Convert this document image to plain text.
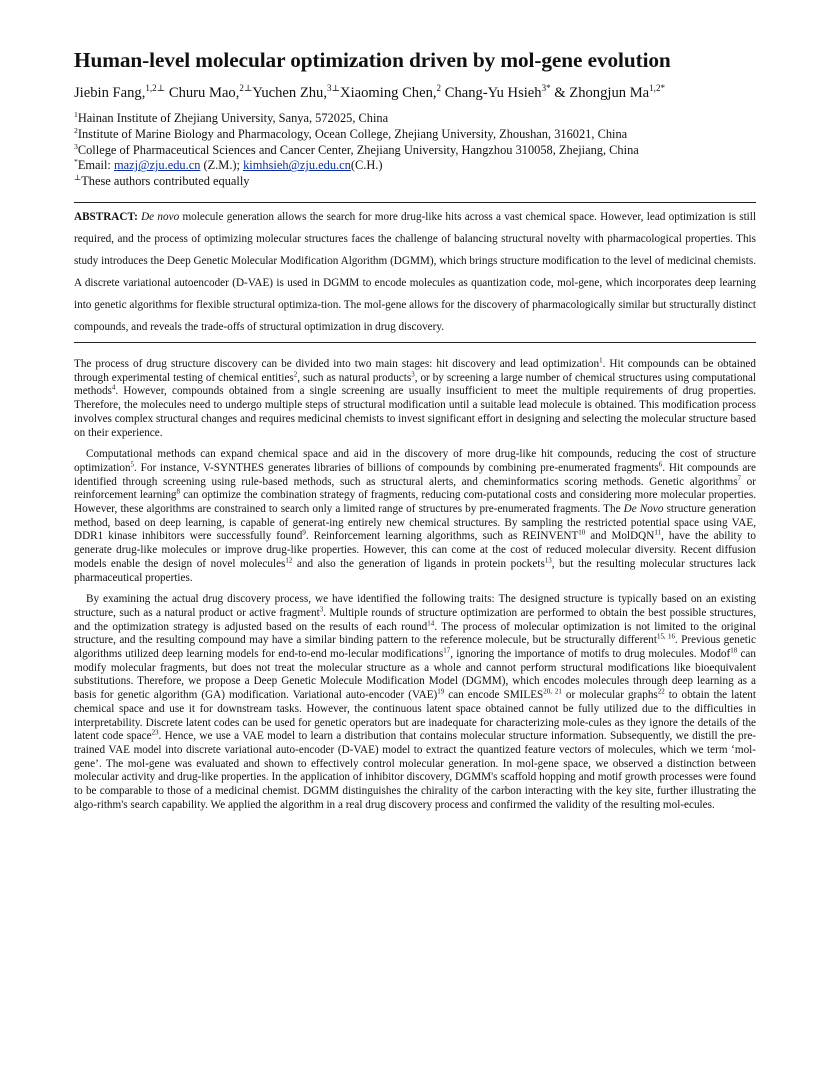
Human-level molecular optimization driven by mol-gene evolution
Jiebin Fang,$^{1,2\perp}$ Churu Mao,$^{2\perp}$Yuchen Zhu,$^{3\perp}$Xiaoming Chen,$^2$ Chang-Yu Hsieh$^{3*}$ & Zhongjun $Ma^{1,2*}$
$^1$Hainan Institute of Zhejiang University, Sanya, 572025, China
$^2$Institute of Marine Biology and Pharmacology, Ocean College, Zhejiang University, Zhoushan, 316021, China
$^3$College of Pharmaceutical Sciences and Cancer Center, Zhejiang University, Hangzhou 310058, Zhejiang, China
*Email: mazj@zju.edu.cn (Z.M.); kimhsieh@zju.edu.cn(C.H.)
⊥These authors contributed equally
ABSTRACT: De novo molecule generation allows the search for more drug-like hits across a vast chemical space. However, lead optimization is still required, and the process of optimizing molecular structures faces the challenge of balancing structural novelty with pharmacological properties. This study introduces the Deep Genetic Molecular Modification Algorithm (DGMM), which brings structure modification to the level of medicinal chemists. A discrete variational autoencoder (D-VAE) is used in DGMM to encode molecules as quantization code, mol-gene, which incorporates deep learning into genetic algorithms for flexible structural optimiza-tion. The mol-gene allows for the discovery of pharmacologically similar but structurally distinct compounds, and reveals the trade-offs of structural optimization in drug discovery.

The process of drug structure discovery can be divided into two main stages: hit discovery and lead optimization$^1$. Hit compounds can be obtained through experimental testing of chemical entities$^2$, such as natural products$^3$, or by screening a large number of chemical structures using computational methods$^4$. However, compounds obtained from a single screening are usually insufficient to meet the multiple requirements of drug properties. Therefore, the molecules need to undergo multiple steps of structural modification until a suitable lead molecule is obtained. This modification process involves complex structural changes and requires medicinal chemists to invest significant effort in designing and selecting the molecular structure based on their experience.

Computational methods can expand chemical space and aid in the discovery of more drug-like hit compounds, reducing the cost of structure optimization$^5$. For instance, V-SYNTHES generates libraries of billions of compounds by combining pre-enumerated fragments$^6$. Hit compounds are identified through screening using rule-based methods, such as structural alerts, and cheminformatics scoring methods. Genetic algorithms$^7$ or reinforcement learning$^8$ can optimize the combination strategy of fragments, reducing com-putational costs and considering more molecular properties. However, these algorithms are constrained to search only a limited range of structures by pre-enumerated fragments. The De Novo structure generation method, based on deep learning, is capable of generat-ing entirely new chemical structures. By sampling the restricted potential space using VAE, DDR1 kinase inhibitors were successfully found$^9$. Reinforcement learning algorithms, such as REINVENT$^{10}$ and MolDQN$^{11}$, have the ability to generate drug-like molecules or improve drug-like properties. However, this can come at the cost of reduced molecular diversity. Recent diffusion models enable the design of novel molecules$^{12}$ and also the generation of ligands in protein pockets$^{13}$, but the resulting molecular structures lack pharmaceutical properties.

By examining the actual drug discovery process, we have identified the following traits: The designed structure is typically based on an existing structure, such as a natural product or active fragment$^3$. Multiple rounds of structure optimization are performed to obtain the best possible structures, and the optimization strategy is adjusted based on the results of each round$^{14}$. The process of molecular optimization is not limited to the original structure, and the resulting compound may have a similar binding pattern to the reference molecule, but be structurally different$^{15, 16}$. Previous genetic algorithms utilized deep learning models for end-to-end mo-lecular modifications$^{17}$, ignoring the importance of motifs to drug molecules. Modof$^{18}$ can modify molecular fragments, but does not treat the molecular structure as a whole and cannot perform structural modifications like bioequivalent substitutions. Therefore, we propose a Deep Genetic Molecule Modification Model (DGMM), which encodes molecules through deep learning as a basis for genetic algorithm (GA) modification. Variational auto-encoder (VAE)$^{19}$ can encode SMILES$^{20, 21}$ or molecular graphs$^{22}$ to obtain the latent chemical space and use it for downstream tasks. However, the continuous latent space obtained cannot be fully utilized due to the difficulties in interpretability. Discrete latent codes can be used for genetic operators but are inadequate for characterizing mole-cules as they ignore the details of the latent code space$^{23}$. Hence, we use a VAE model to learn a distribution that contains molecular structure information. Subsequently, we distill the pre-trained VAE model into discrete variational auto-encoder (D-VAE) model to extract the quantized feature vectors of molecules, which we term ‘mol-gene’. The mol-gene was evaluated and shown to effectively control molecular generation. In mol-gene space, we observed a distinction between molecular activity and drug-like properties. In the application of inhibitor discovery, DGMM's scaffold hopping and motif growth processes were found to be comparable to those of a medicinal chemist. DGMM distinguishes the chirality of the carbon interacting with the key site, further illustrating the algo-rithm's search capability. We applied the algorithm in a real drug discovery process and confirmed the validity of the resulting mol-ecules.
